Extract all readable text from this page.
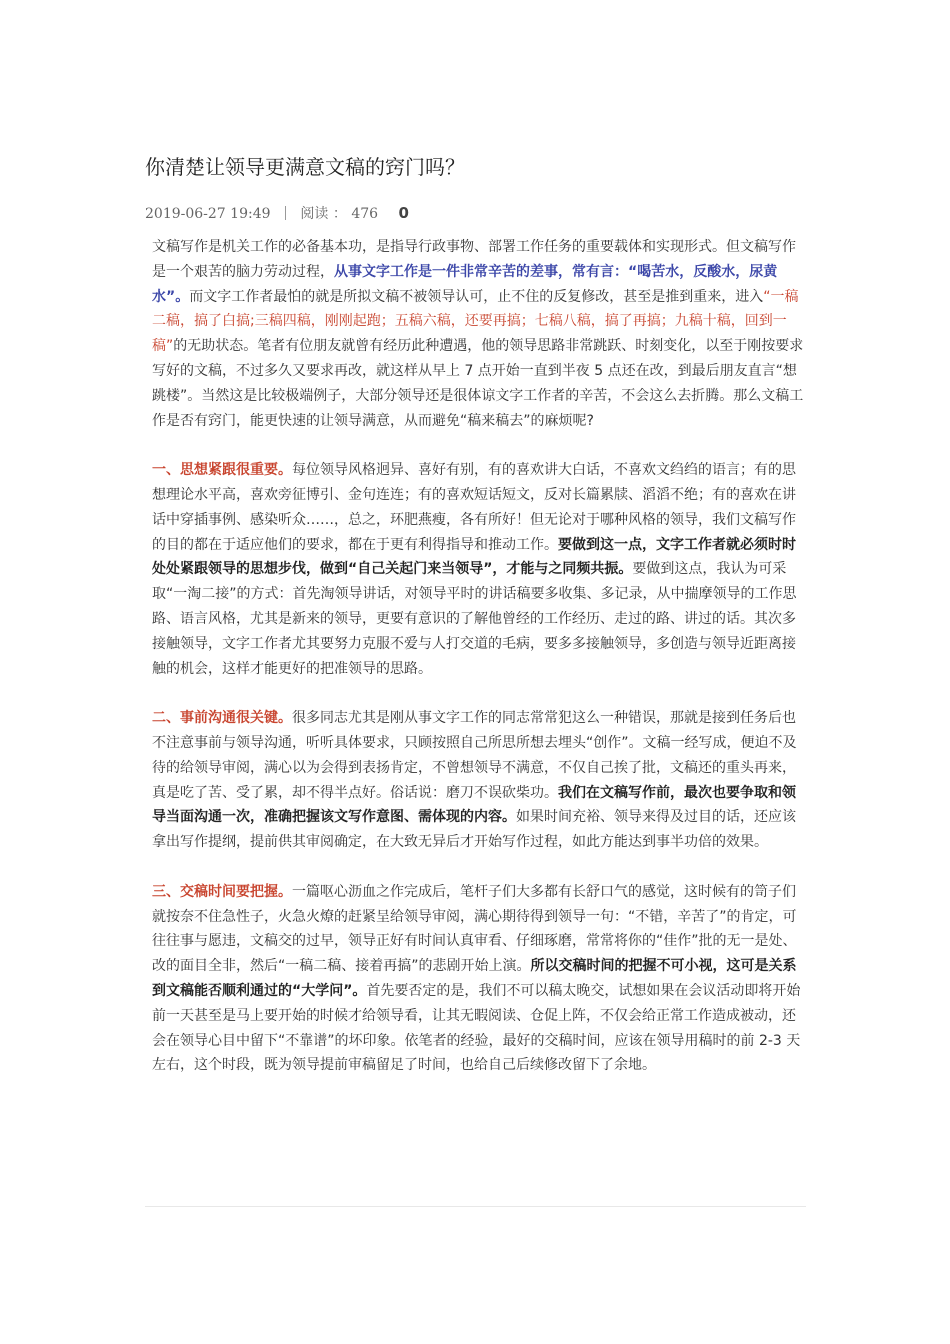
你清楚让领导更满意文稿的窍门吗？
2019-06-27 19:49 阅读 ： 476 0

文稿写作是机关工作的必备基本功，是指导行政事物、部署工作任务的重要载体和实现形式。但文稿写作是一个艰苦的脑力劳动过程，从事文字工作是一件非常辛苦的差事，常有言：“喝苦水，反酸水，尿黄水”。而文字工作者最怕的就是所拟文稿不被领导认可，止不住的反复修改，甚至是推到重来，进入“一稿二稿，搞了白搞;三稿四稿，刚刚起跑；五稿六稿，还要再搞；七稿八稿，搞了再搞；九稿十稿，回到一稿”的无助状态。笔者有位朋友就曾有经历此种遭遇，他的领导思路非常跳跃、时刻变化，以至于刚按要求写好的文稿，不过多久又要求再改，就这样从早上 7 点开始一直到半夜 5 点还在改，到最后朋友直言“想跳楼”。当然这是比较极端例子，大部分领导还是很体谅文字工作者的辛苦，不会这么去折腾。那么文稿工作是否有窍门，能更快速的让领导满意，从而避免“稿来稿去”的麻烦呢?

一、思想紧跟很重要。每位领导风格迥异、喜好有别，有的喜欢讲大白话，不喜欢文绉绉的语言；有的思想理论水平高，喜欢旁征博引、金句连连；有的喜欢短话短文，反对长篇累牍、滔滔不绝；有的喜欢在讲话中穿插事例、感染听众……，总之，环肥燕瘦，各有所好！但无论对于哪种风格的领导，我们文稿写作的目的都在于适应他们的要求，都在于更有利得指导和推动工作。要做到这一点，文字工作者就必须时时处处紧跟领导的思想步伐，做到“自己关起门来当领导”，才能与之同频共振。要做到这点，我认为可采取“一淘二接”的方式：首先淘领导讲话，对领导平时的讲话稿要多收集、多记录，从中揣摩领导的工作思路、语言风格，尤其是新来的领导，更要有意识的了解他曾经的工作经历、走过的路、讲过的话。其次多接触领导，文字工作者尤其要努力克服不爱与人打交道的毛病，要多多接触领导，多创造与领导近距离接触的机会，这样才能更好的把准领导的思路。

二、事前沟通很关键。很多同志尤其是刚从事文字工作的同志常常犯这么一种错误，那就是接到任务后也不注意事前与领导沟通，听听具体要求，只顾按照自己所思所想去埋头“创作”。文稿一经写成，便迫不及待的给领导审阅，满心以为会得到表扬肯定，不曾想领导不满意，不仅自己挨了批，文稿还的重头再来，真是吃了苦、受了累，却不得半点好。俗话说：磨刀不误砍柴功。我们在文稿写作前，最次也要争取和领导当面沟通一次，准确把握该文写作意图、需体现的内容。如果时间充裕、领导来得及过目的话，还应该拿出写作提纲，提前供其审阅确定，在大致无异后才开始写作过程，如此方能达到事半功倍的效果。

三、交稿时间要把握。一篇呕心沥血之作完成后，笔杆子们大多都有长舒口气的感觉，这时候有的笥子们就按奈不住急性子，火急火燎的赶紧呈给领导审阅，满心期待得到领导一句：“不错，辛苦了”的肯定，可往往事与愿违，文稿交的过早，领导正好有时间认真审看、仔细琢磨，常常将你的“佳作”批的无一是处、改的面目全非，然后“一稿二稿、接着再搞”的悲剧开始上演。所以交稿时间的把握不可小视，这可是关系到文稿能否顺利通过的“大学问”。首先要否定的是，我们不可以稿太晚交，试想如果在会议活动即将开始前一天甚至是马上要开始的时候才给领导看，让其无暇阅读、仓促上阵，不仅会给正常工作造成被动，还会在领导心目中留下“不靠谱”的坏印象。依笔者的经验，最好的交稿时间，应该在领导用稿时的前 2-3 天左右，这个时段，既为领导提前审稿留足了时间，也给自己后续修改留下了余地。
